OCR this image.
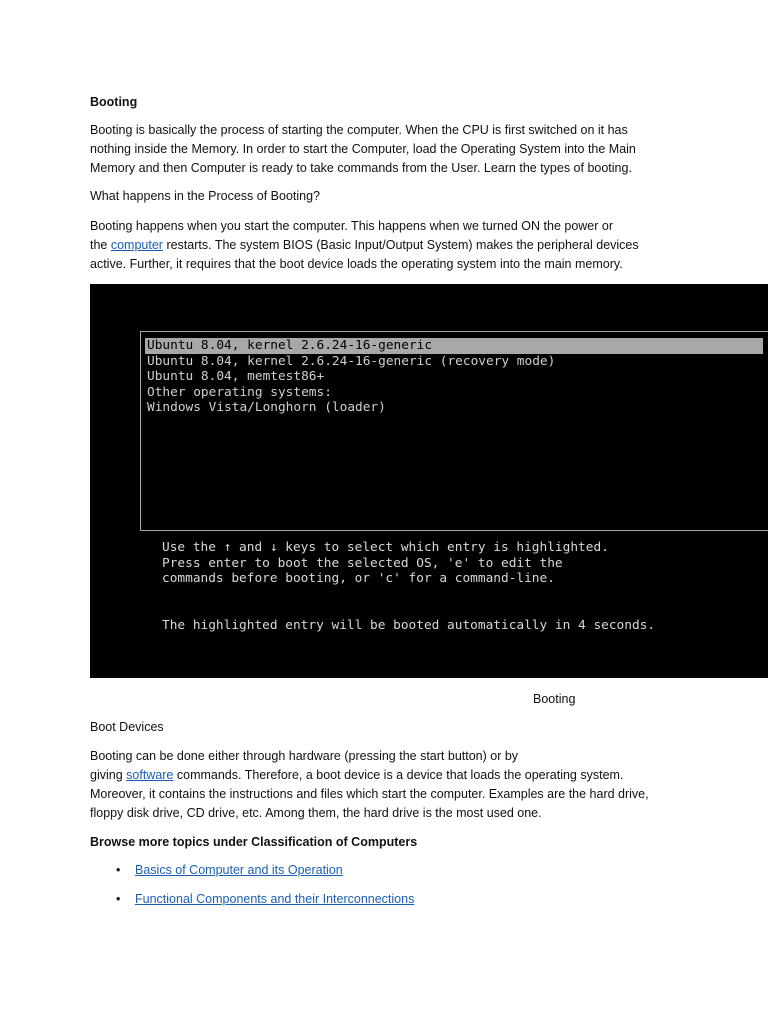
Booting
Booting is basically the process of starting the computer. When the CPU is first switched on it has
nothing inside the Memory. In order to start the Computer, load the Operating System into the Main
Memory and then Computer is ready to take commands from the User. Learn the types of booting.
What happens in the Process of Booting?
Booting happens when you start the computer. This happens when we turned ON the power or
the computer restarts. The system BIOS (Basic Input/Output System) makes the peripheral devices
active. Further, it requires that the boot device loads the operating system into the main memory.
Ubuntu 8.04, kernel 2.6.24-16-generic
Ubuntu 8.04, kernel 2.6.24-16-generic (recovery mode)
Ubuntu 8.04, memtest86+
Other operating systems:
Windows Vista/Longhorn (loader)
Use the ↑ and ↓ keys to select which entry is highlighted.
Press enter to boot the selected OS, 'e' to edit the
commands before booting, or 'c' for a command-line.
The highlighted entry will be booted automatically in 4 seconds.
Booting
Boot Devices
Booting can be done either through hardware (pressing the start button) or by
giving software commands. Therefore, a boot device is a device that loads the operating system.
Moreover, it contains the instructions and files which start the computer. Examples are the hard drive,
floppy disk drive, CD drive, etc. Among them, the hard drive is the most used one.
Browse more topics under Classification of Computers
• Basics of Computer and its Operation
• Functional Components and their Interconnections
